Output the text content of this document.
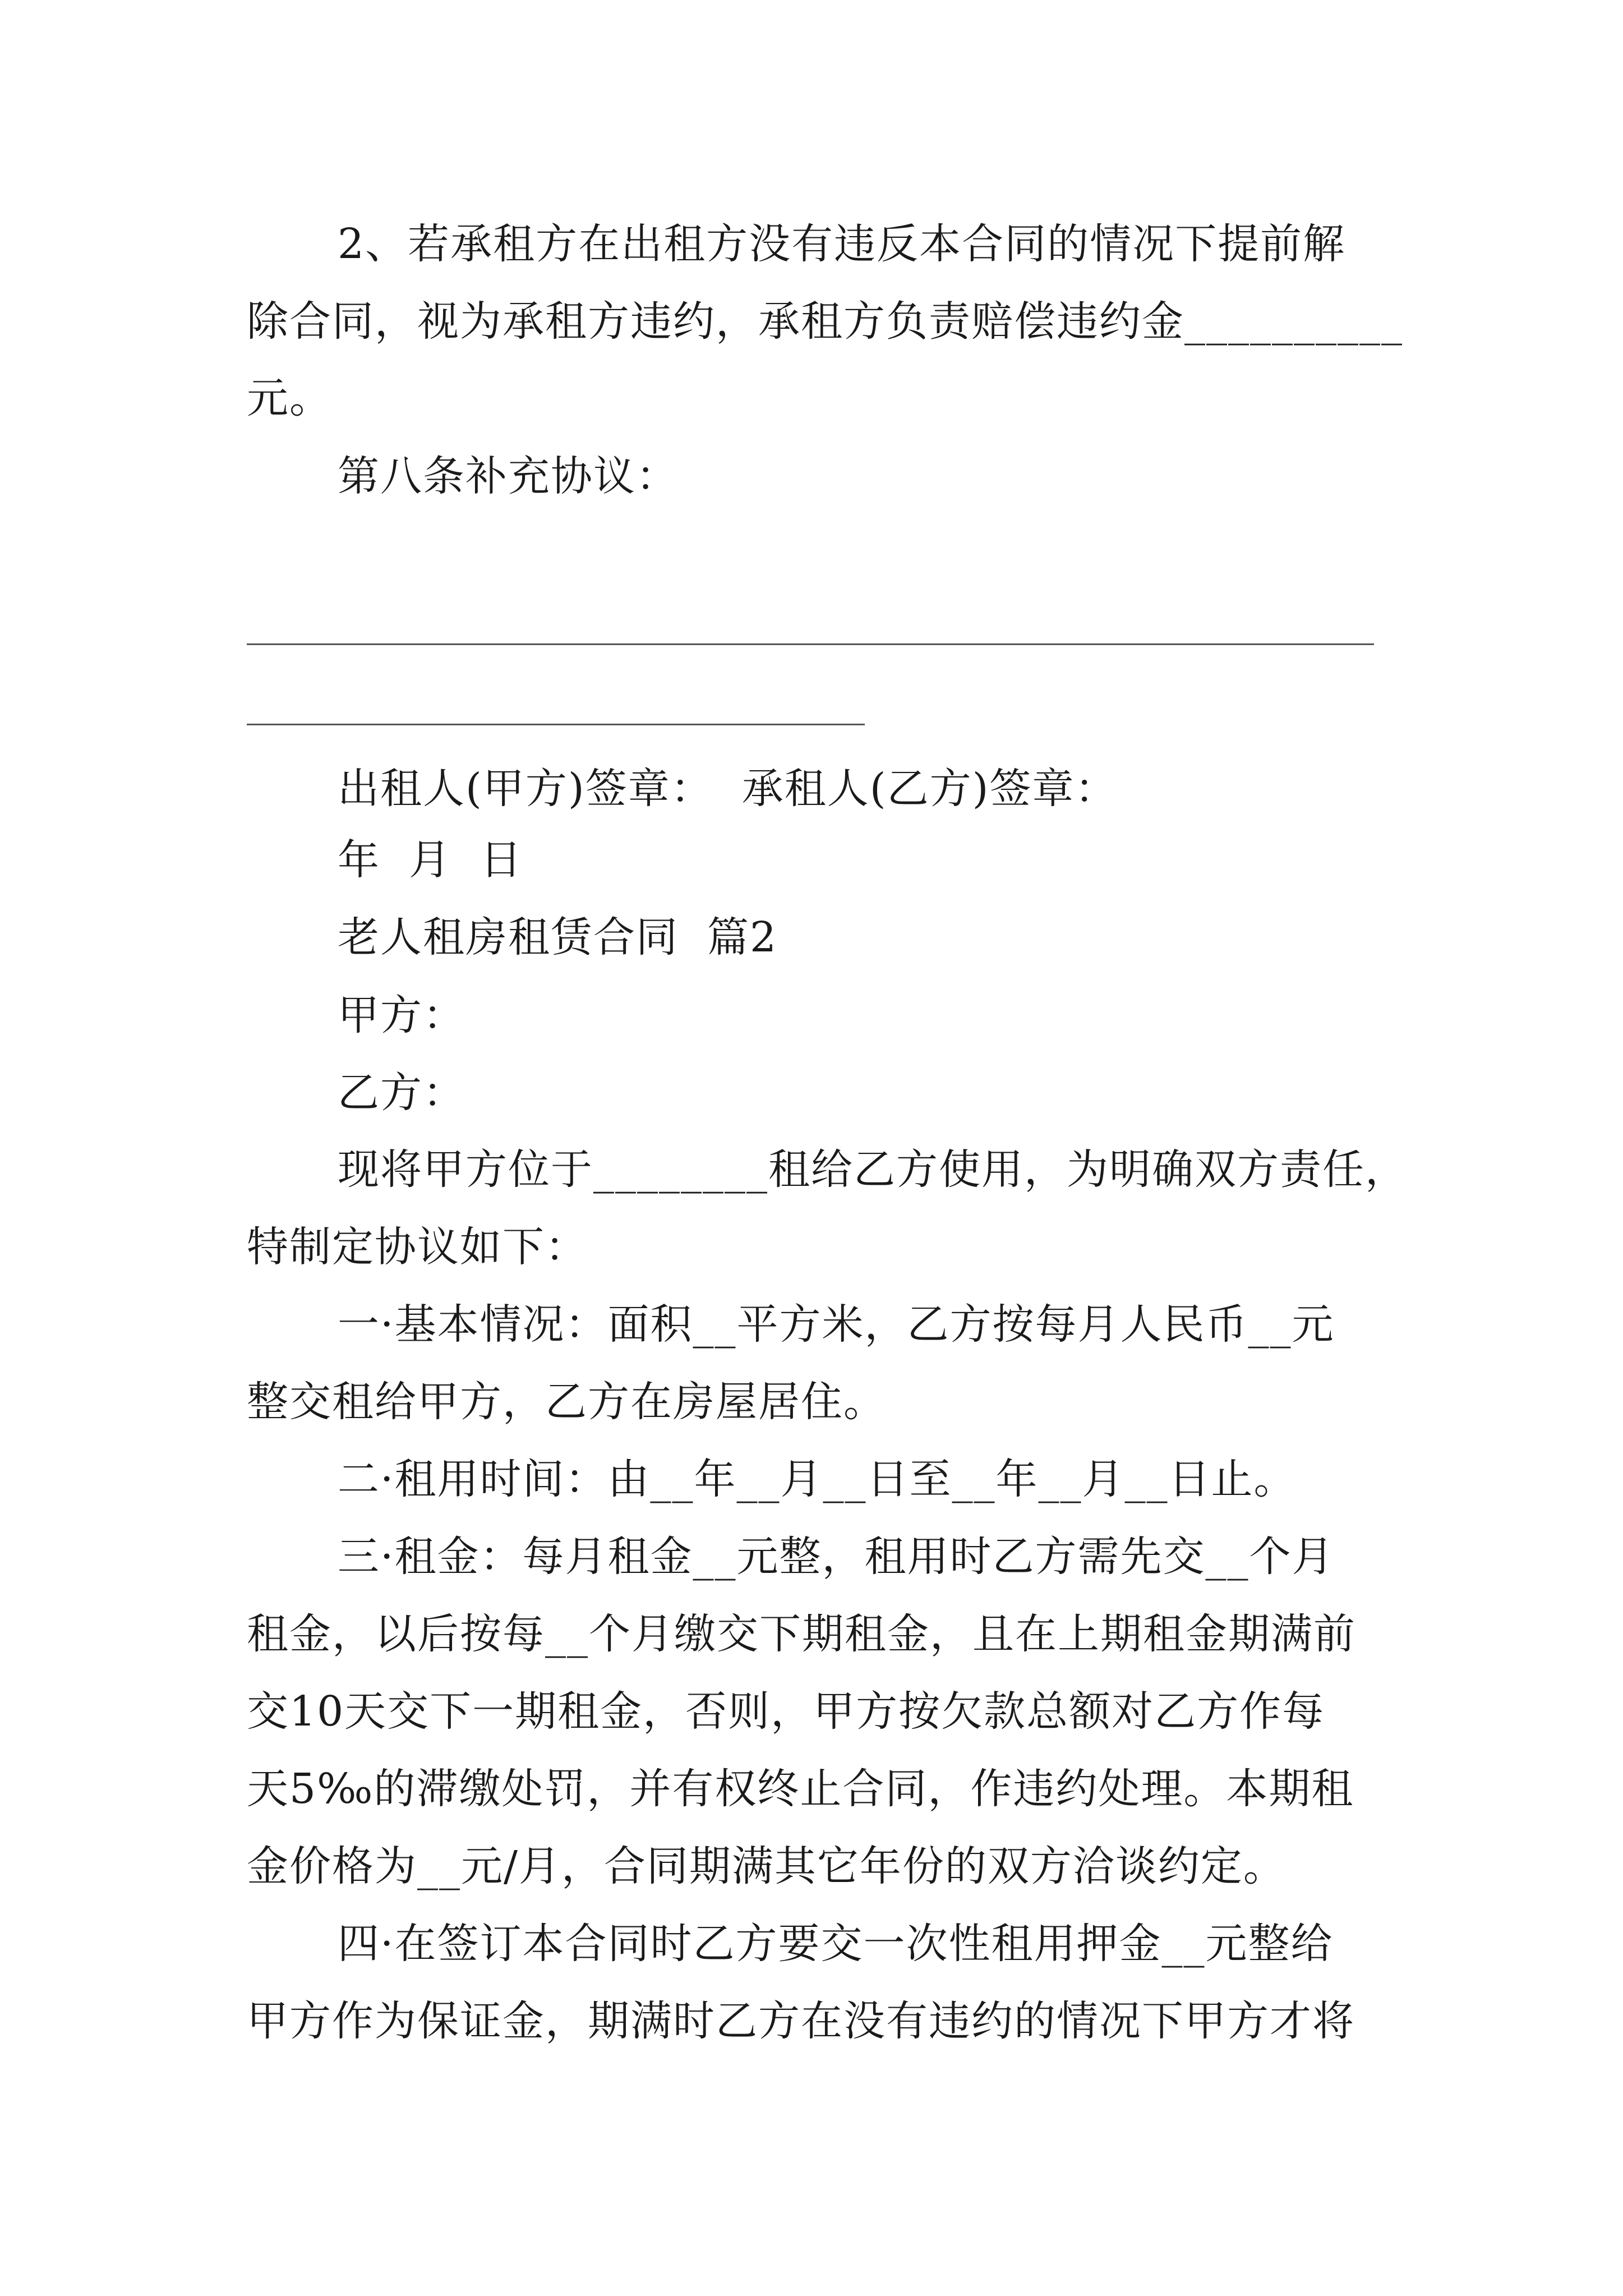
2、若承租方在出租方没有违反本合同的情况下提前解
除合同，视为承租方违约，承租方负责赔偿违约金__________
元。
第八条补充协议：
出租人(甲方)签章：  承租人(乙方)签章：
年  月  日
老人租房租赁合同  篇2
甲方：
乙方：
现将甲方位于________租给乙方使用，为明确双方责任，
特制定协议如下：
一·基本情况：面积__平方米，乙方按每月人民币__元
整交租给甲方，乙方在房屋居住。
二·租用时间：由__年__月__日至__年__月__日止。
三·租金：每月租金__元整，租用时乙方需先交__个月
租金，以后按每__个月缴交下期租金，且在上期租金期满前
交10天交下一期租金，否则，甲方按欠款总额对乙方作每
天5‰的滞缴处罚，并有权终止合同，作违约处理。本期租
金价格为__元/月，合同期满其它年份的双方洽谈约定。
四·在签订本合同时乙方要交一次性租用押金__元整给
甲方作为保证金，期满时乙方在没有违约的情况下甲方才将
